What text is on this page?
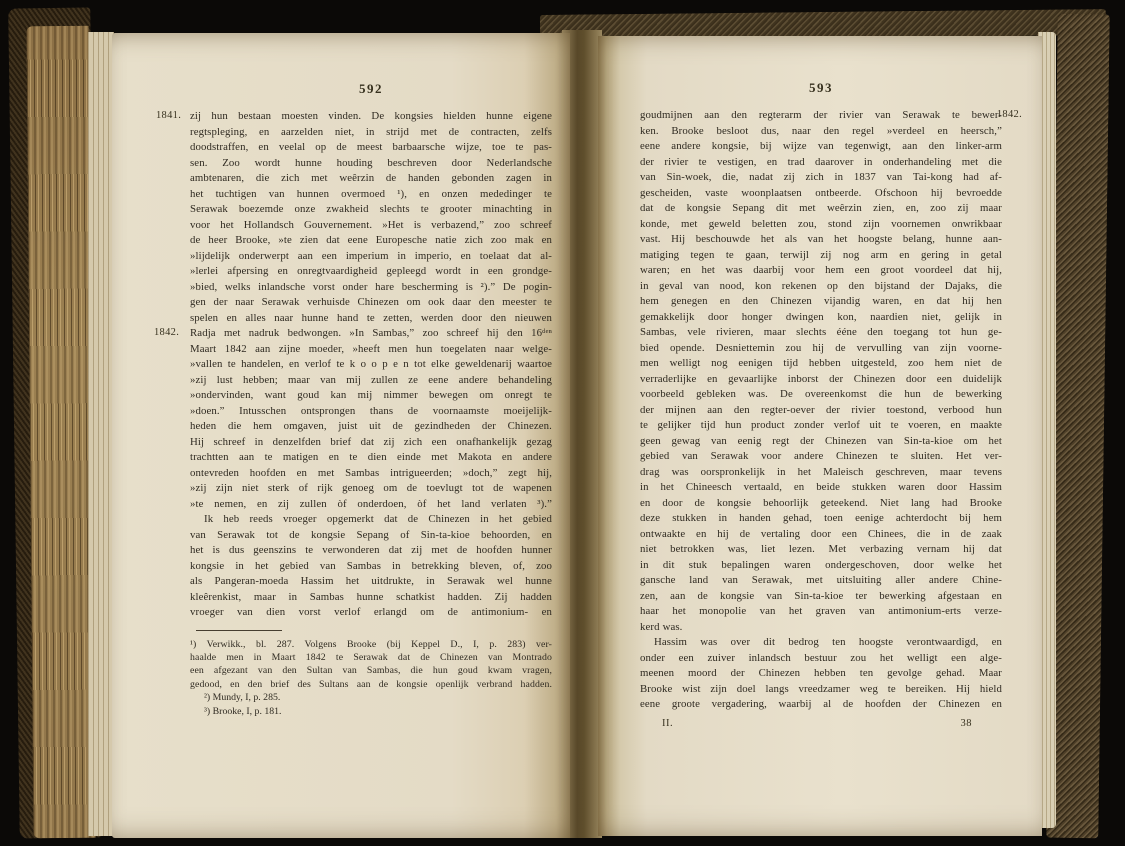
592
1841.
1842.
zij hun bestaan moesten vinden. De kongsies hielden hunne eigene
regtspleging, en aarzelden niet, in strijd met de contracten, zelfs
doodstraffen, en veelal op de meest barbaarsche wijze, toe te pas-
sen. Zoo wordt hunne houding beschreven door Nederlandsche
ambtenaren, die zich met weêrzin de handen gebonden zagen in
het tuchtigen van hunnen overmoed ¹), en onzen mededinger te
Serawak boezemde onze zwakheid slechts te grooter minachting in
voor het Hollandsch Gouvernement. »Het is verbazend,” zoo schreef
de heer Brooke, »te zien dat eene Europesche natie zich zoo mak en
»lijdelijk onderwerpt aan een imperium in imperio, en toelaat dat al-
»lerlei afpersing en onregtvaardigheid gepleegd wordt in een grondge-
»bied, welks inlandsche vorst onder hare bescherming is ²).” De pogin-
gen der naar Serawak verhuisde Chinezen om ook daar den meester te
spelen en alles naar hunne hand te zetten, werden door den nieuwen
Radja met nadruk bedwongen. »In Sambas,” zoo schreef hij den 16ᵈᵉⁿ
Maart 1842 aan zijne moeder, »heeft men hun toegelaten naar welge-
»vallen te handelen, en verlof te k o o p e n tot elke geweldenarij waartoe
»zij lust hebben; maar van mij zullen ze eene andere behandeling
»ondervinden, want goud kan mij nimmer bewegen om onregt te
»doen.” Intusschen ontsprongen thans de voornaamste moeijelijk-
heden die hem omgaven, juist uit de gezindheden der Chinezen.
Hij schreef in denzelfden brief dat zij zich een onafhankelijk gezag
trachtten aan te matigen en te dien einde met Makota en andere
ontevreden hoofden en met Sambas intrigueerden; »doch,” zegt hij,
»zij zijn niet sterk of rijk genoeg om de toevlugt tot de wapenen
»te nemen, en zij zullen òf onderdoen, òf het land verlaten ³).”
Ik heb reeds vroeger opgemerkt dat de Chinezen in het gebied
van Serawak tot de kongsie Sepang of Sin-ta-kioe behoorden, en
het is dus geenszins te verwonderen dat zij met de hoofden hunner
kongsie in het gebied van Sambas in betrekking bleven, of, zoo
als Pangeran-moeda Hassim het uitdrukte, in Serawak wel hunne
kleêrenkist, maar in Sambas hunne schatkist hadden. Zij hadden
vroeger van dien vorst verlof erlangd om de antimonium- en
¹) Verwikk., bl. 287. Volgens Brooke (bij Keppel D., I, p. 283) ver-
haalde men in Maart 1842 te Serawak dat de Chinezen van Montrado
een afgezant van den Sultan van Sambas, die hun goud kwam vragen,
gedood, en den brief des Sultans aan de kongsie openlijk verbrand hadden.
²) Mundy, I, p. 285.
³) Brooke, I, p. 181.
593
1842.
goudmijnen aan den regterarm der rivier van Serawak te bewer-
ken. Brooke besloot dus, naar den regel »verdeel en heersch,”
eene andere kongsie, bij wijze van tegenwigt, aan den linker-arm
der rivier te vestigen, en trad daarover in onderhandeling met die
van Sin-woek, die, nadat zij zich in 1837 van Tai-kong had af-
gescheiden, vaste woonplaatsen ontbeerde. Ofschoon hij bevroedde
dat de kongsie Sepang dit met weêrzin zien, en, zoo zij maar
konde, met geweld beletten zou, stond zijn voornemen onwrikbaar
vast. Hij beschouwde het als van het hoogste belang, hunne aan-
matiging tegen te gaan, terwijl zij nog arm en gering in getal
waren; en het was daarbij voor hem een groot voordeel dat hij,
in geval van nood, kon rekenen op den bijstand der Dajaks, die
hem genegen en den Chinezen vijandig waren, en dat hij hen
gemakkelijk door honger dwingen kon, naardien niet, gelijk in
Sambas, vele rivieren, maar slechts ééne den toegang tot hun ge-
bied opende. Desniettemin zou hij de vervulling van zijn voorne-
men welligt nog eenigen tijd hebben uitgesteld, zoo hem niet de
verraderlijke en gevaarlijke inborst der Chinezen door een duidelijk
voorbeeld gebleken was. De overeenkomst die hun de bewerking
der mijnen aan den regter-oever der rivier toestond, verbood hun
te gelijker tijd hun product zonder verlof uit te voeren, en maakte
geen gewag van eenig regt der Chinezen van Sin-ta-kioe om het
gebied van Serawak voor andere Chinezen te sluiten. Het ver-
drag was oorspronkelijk in het Maleisch geschreven, maar tevens
in het Chineesch vertaald, en beide stukken waren door Hassim
en door de kongsie behoorlijk geteekend. Niet lang had Brooke
deze stukken in handen gehad, toen eenige achterdocht bij hem
ontwaakte en hij de vertaling door een Chinees, die in de zaak
niet betrokken was, liet lezen. Met verbazing vernam hij dat
in dit stuk bepalingen waren ondergeschoven, door welke het
gansche land van Serawak, met uitsluiting aller andere Chine-
zen, aan de kongsie van Sin-ta-kioe ter bewerking afgestaan en
haar het monopolie van het graven van antimonium-erts verze-
kerd was.
Hassim was over dit bedrog ten hoogste verontwaardigd, en
onder een zuiver inlandsch bestuur zou het welligt een alge-
meenen moord der Chinezen hebben ten gevolge gehad. Maar
Brooke wist zijn doel langs vreedzamer weg te bereiken. Hij hield
eene groote vergadering, waarbij al de hoofden der Chinezen en
II.	38
